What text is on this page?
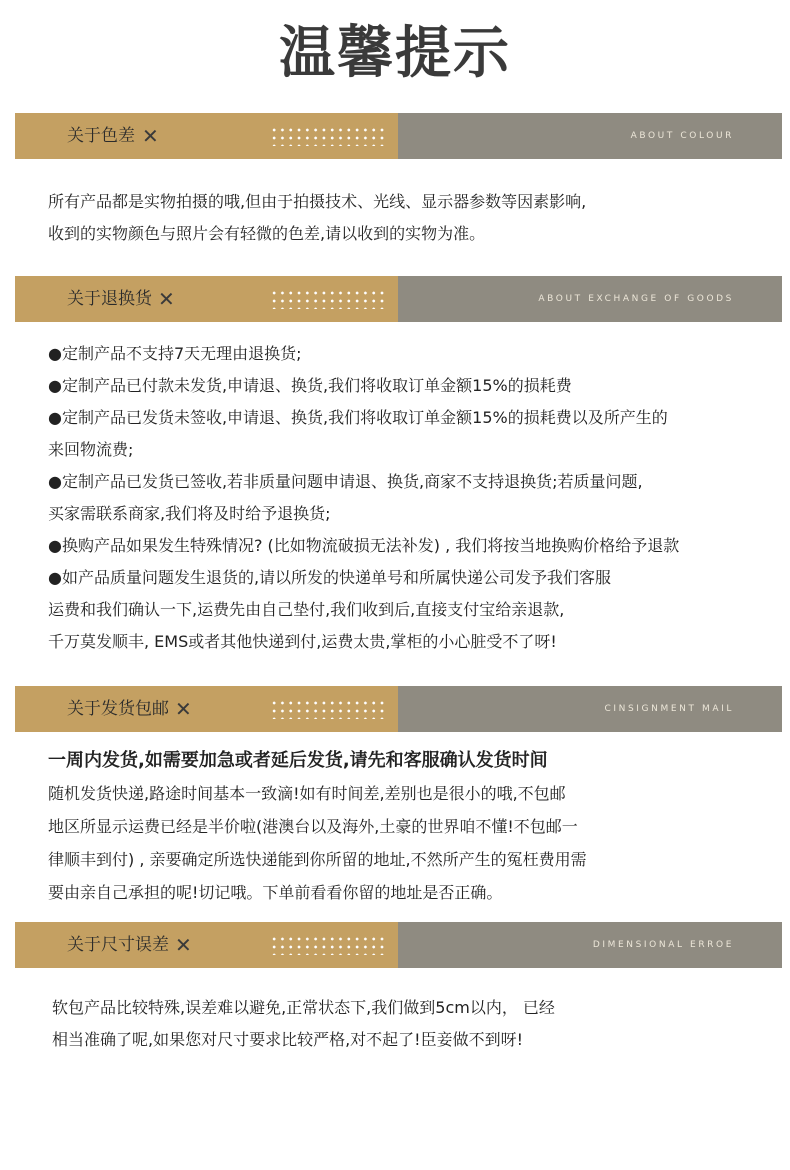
温馨提示
关于色差 ✕	ABOUT COLOUR
所有产品都是实物拍摄的哦,但由于拍摄技术、光线、显示器参数等因素影响,
收到的实物颜色与照片会有轻微的色差,请以收到的实物为准。
关于退换货 ✕	ABOUT EXCHANGE OF GOODS
●定制产品不支持7天无理由退换货;
●定制产品已付款未发货,申请退、换货,我们将收取订单金额15%的损耗费
●定制产品已发货未签收,申请退、换货,我们将收取订单金额15%的损耗费以及所产生的
来回物流费;
●定制产品已发货已签收,若非质量问题申请退、换货,商家不支持退换货;若质量问题,
买家需联系商家,我们将及时给予退换货;
●换购产品如果发生特殊情况? (比如物流破损无法补发) , 我们将按当地换购价格给予退款
●如产品质量问题发生退货的,请以所发的快递单号和所属快递公司发予我们客服
运费和我们确认一下,运费先由自己垫付,我们收到后,直接支付宝给亲退款,
千万莫发顺丰, EMS或者其他快递到付,运费太贵,掌柜的小心脏受不了呀!
关于发货包邮 ✕	CINSIGNMENT MAIL
一周内发货,如需要加急或者延后发货,请先和客服确认发货时间
随机发货快递,路途时间基本一致滴!如有时间差,差别也是很小的哦,不包邮
地区所显示运费已经是半价啦(港澳台以及海外,土豪的世界咱不懂!不包邮一
律顺丰到付) , 亲要确定所选快递能到你所留的地址,不然所产生的冤枉费用需
要由亲自己承担的呢!切记哦。下单前看看你留的地址是否正确。
关于尺寸误差 ✕	DIMENSIONAL ERROE
软包产品比较特殊,误差难以避免,正常状态下,我们做到5cm以内， 已经
相当准确了呢,如果您对尺寸要求比较严格,对不起了!臣妾做不到呀!
